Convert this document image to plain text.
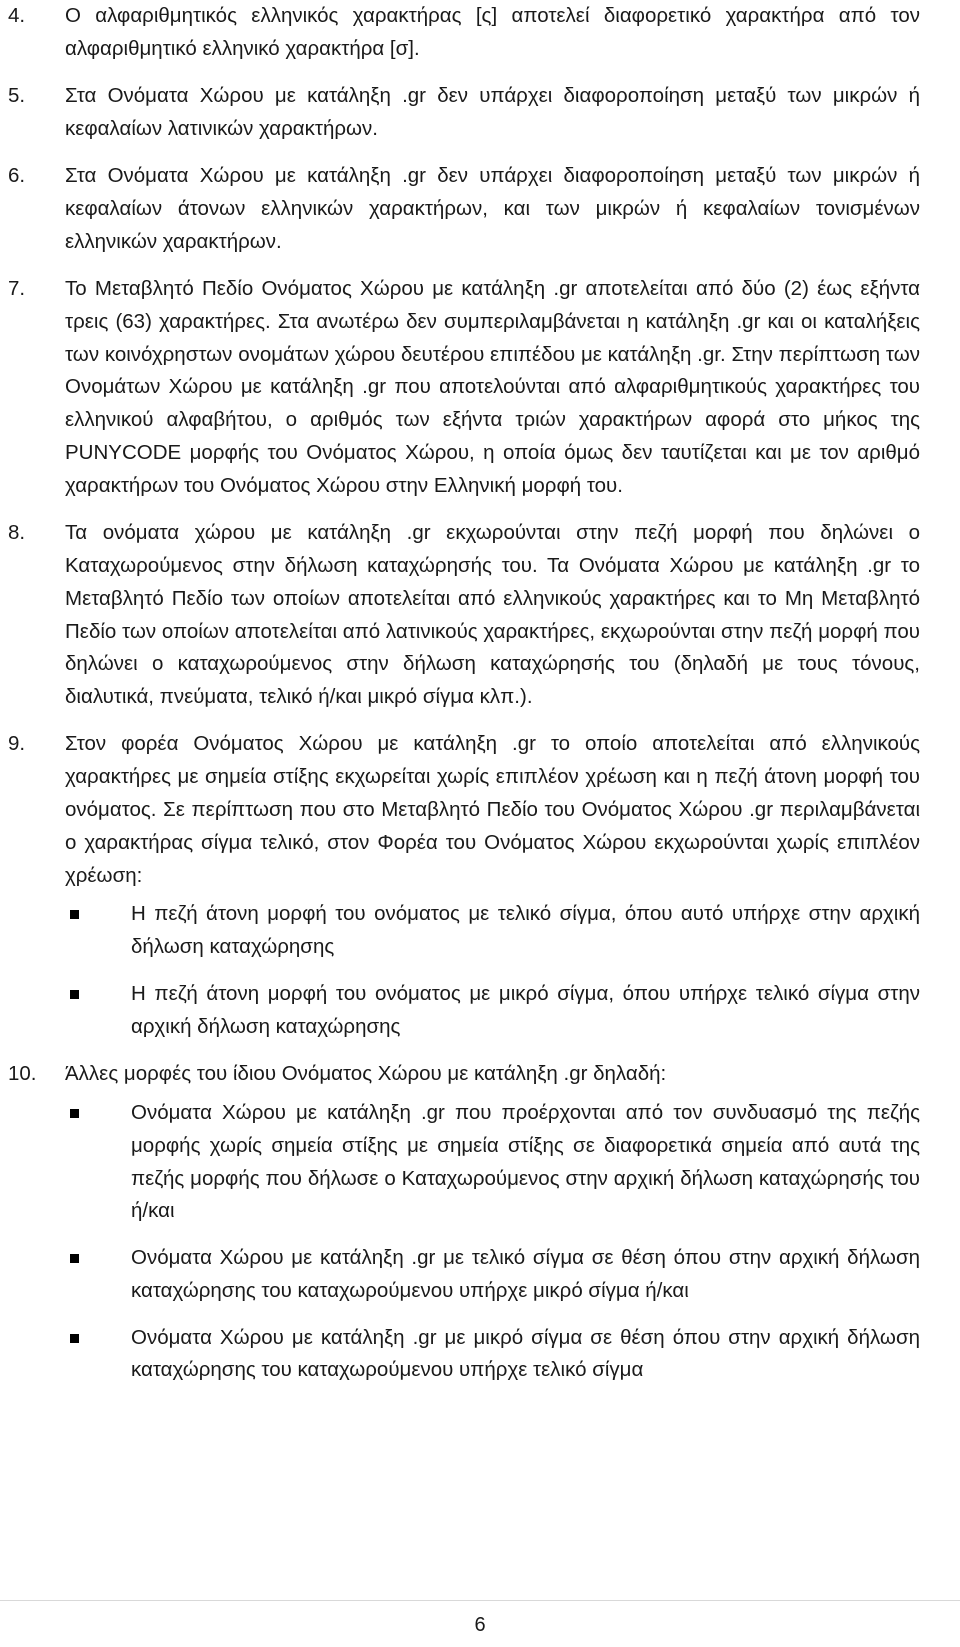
4. Ο αλφαριθμητικός ελληνικός χαρακτήρας [ς] αποτελεί διαφορετικό χαρακτήρα από τον αλφαριθμητικό ελληνικό χαρακτήρα [σ].
5. Στα Ονόματα Χώρου με κατάληξη .gr δεν υπάρχει διαφοροποίηση μεταξύ των μικρών ή κεφαλαίων λατινικών χαρακτήρων.
6. Στα Ονόματα Χώρου με κατάληξη .gr δεν υπάρχει διαφοροποίηση μεταξύ των μικρών ή κεφαλαίων άτονων ελληνικών χαρακτήρων, και των μικρών ή κεφαλαίων τονισμένων ελληνικών χαρακτήρων.
7. Το Μεταβλητό Πεδίο Ονόματος Χώρου με κατάληξη .gr αποτελείται από δύο (2) έως εξήντα τρεις (63) χαρακτήρες. Στα ανωτέρω δεν συμπεριλαμβάνεται η κατάληξη .gr και οι καταλήξεις των κοινόχρηστων ονομάτων χώρου δευτέρου επιπέδου με κατάληξη .gr. Στην περίπτωση των Ονομάτων Χώρου με κατάληξη .gr που αποτελούνται από αλφαριθμητικούς χαρακτήρες του ελληνικού αλφαβήτου, ο αριθμός των εξήντα τριών χαρακτήρων αφορά στο μήκος της PUNYCODE μορφής του Ονόματος Χώρου, η οποία όμως δεν ταυτίζεται και με τον αριθμό χαρακτήρων του Ονόματος Χώρου στην Ελληνική μορφή του.
8. Τα ονόματα χώρου με κατάληξη .gr εκχωρούνται στην πεζή μορφή που δηλώνει ο Καταχωρούμενος στην δήλωση καταχώρησής του. Τα Ονόματα Χώρου με κατάληξη .gr το Μεταβλητό Πεδίο των οποίων αποτελείται από ελληνικούς χαρακτήρες και το Μη Μεταβλητό Πεδίο των οποίων αποτελείται από λατινικούς χαρακτήρες, εκχωρούνται στην πεζή μορφή που δηλώνει ο καταχωρούμενος στην δήλωση καταχώρησής του (δηλαδή με τους τόνους, διαλυτικά, πνεύματα, τελικό ή/και μικρό σίγμα κλπ.).
9. Στον φορέα Ονόματος Χώρου με κατάληξη .gr το οποίο αποτελείται από ελληνικούς χαρακτήρες με σημεία στίξης εκχωρείται χωρίς επιπλέον χρέωση και η πεζή άτονη μορφή του ονόματος. Σε περίπτωση που στο Μεταβλητό Πεδίο του Ονόματος Χώρου .gr περιλαμβάνεται ο χαρακτήρας σίγμα τελικό, στον Φορέα του Ονόματος Χώρου εκχωρούνται χωρίς επιπλέον χρέωση:
Η πεζή άτονη μορφή του ονόματος με τελικό σίγμα, όπου αυτό υπήρχε στην αρχική δήλωση καταχώρησης
Η πεζή άτονη μορφή του ονόματος με μικρό σίγμα, όπου υπήρχε τελικό σίγμα στην αρχική δήλωση καταχώρησης
10. Άλλες μορφές του ίδιου Ονόματος Χώρου με κατάληξη .gr δηλαδή:
Ονόματα Χώρου με κατάληξη .gr που προέρχονται από τον συνδυασμό της πεζής μορφής χωρίς σημεία στίξης με σημεία στίξης σε διαφορετικά σημεία από αυτά της πεζής μορφής που δήλωσε ο Καταχωρούμενος στην αρχική δήλωση καταχώρησής του ή/και
Ονόματα Χώρου με κατάληξη .gr με τελικό σίγμα σε θέση όπου στην αρχική δήλωση καταχώρησης του καταχωρούμενου υπήρχε μικρό σίγμα ή/και
Ονόματα Χώρου με κατάληξη .gr με μικρό σίγμα σε θέση όπου στην αρχική δήλωση καταχώρησης του καταχωρούμενου υπήρχε τελικό σίγμα
6
